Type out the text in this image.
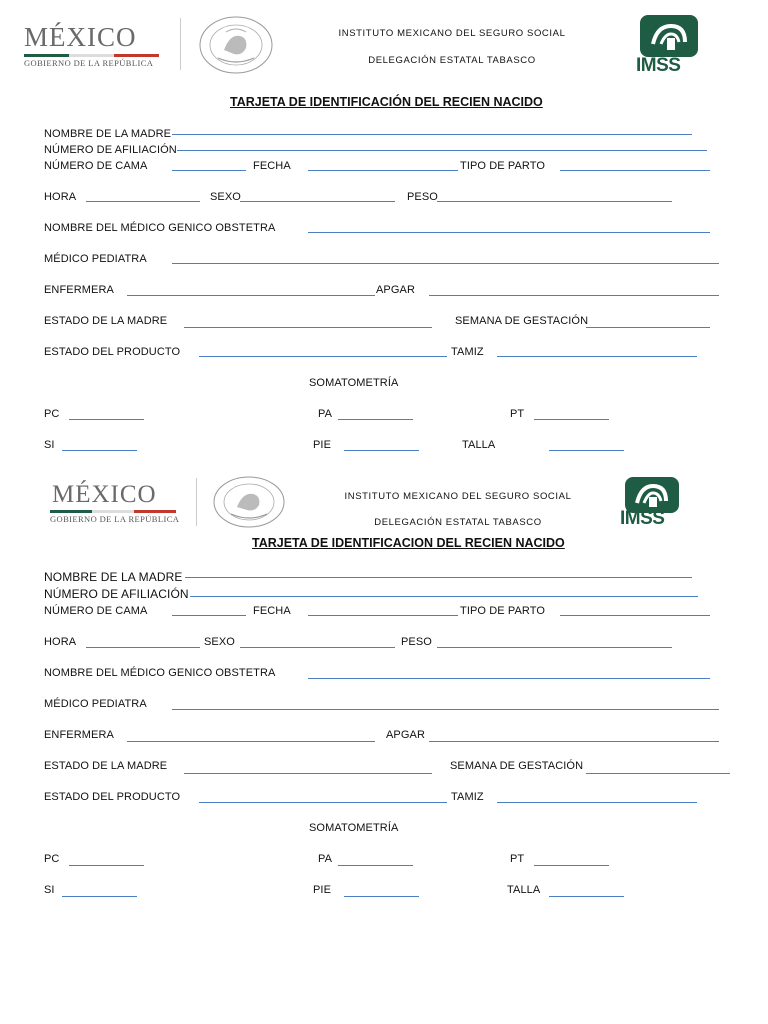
MÉXICO
GOBIERNO DE LA REPÚBLICA
INSTITUTO MEXICANO DEL SEGURO SOCIAL
DELEGACIÓN ESTATAL TABASCO	IMSS
TARJETA DE IDENTIFICACIÓN DEL RECIEN NACIDO
NOMBRE DE LA MADRE
NÚMERO DE AFILIACIÓN
NÚMERO DE CAMA	FECHA	TIPO DE PARTO
HORA	SEXO	PESO
NOMBRE DEL MÉDICO GENICO OBSTETRA
MÉDICO PEDIATRA
ENFERMERA	APGAR
ESTADO DE LA MADRE	SEMANA DE GESTACIÓN
ESTADO DEL PRODUCTO	TAMIZ
SOMATOMETRÍA
PC	PA	PT
SI	PIE	TALLA
MÉXICO
GOBIERNO DE LA REPÚBLICA
INSTITUTO MEXICANO DEL SEGURO SOCIAL
DELEGACIÓN ESTATAL TABASCO	IMSS
TARJETA DE IDENTIFICACION DEL RECIEN NACIDO
NOMBRE DE LA MADRE
NÚMERO DE AFILIACIÓN
NÚMERO DE CAMA	FECHA	TIPO DE PARTO
HORA	SEXO	PESO
NOMBRE DEL MÉDICO GENICO OBSTETRA
MÉDICO PEDIATRA
ENFERMERA	APGAR
ESTADO DE LA MADRE	SEMANA DE GESTACIÓN
ESTADO DEL PRODUCTO	TAMIZ
SOMATOMETRÍA
PC	PA	PT
SI	PIE	TALLA
